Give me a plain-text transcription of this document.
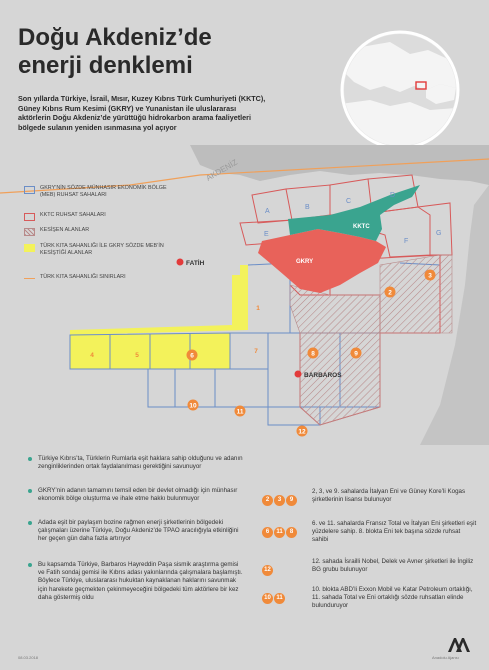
Doğu Akdeniz’de
enerji denklemi

Son yıllarda Türkiye, İsrail, Mısır, Kuzey Kıbrıs Türk Cumhuriyeti (KKTC), Güney Kıbrıs Rum Kesimi (GKRY) ve Yunanistan ile uluslararası aktörlerin Doğu Akdeniz’de yürüttüğü hidrokarbon arama faaliyetleri bölgede sulanın yeniden ısınmasına yol açıyor

AKDENİZ
KKTC
GKRY
A
B
C
D
E
F
G
1
2
3
4	5	6
7	8	9
10
11
12
FATİH
BARBAROS
GKRY’NİN SÖZDE MÜNHASIR EKONOMİK BÖLGE (MEB) RUHSAT SAHALARI
KKTC RUHSAT SAHALARI
KESİŞEN ALANLAR
TÜRK KITA SAHANLIĞI İLE GKRY SÖZDE MEB’İN KESİŞTİĞİ ALANLAR
TÜRK KITA SAHANLIĞI SINIRLARI
Türkiye Kıbrıs’ta, Türklerin Rumlarla eşit haklara sahip olduğunu ve adanın zenginliklerinden ortak faydalanılması gerektiğini savunuyor
GKRY’nin adanın tamamını temsil eden bir devlet olmadığı için münhasır ekonomik bölge oluşturma ve ihale etme hakkı bulunmuyor
Adada eşit bir paylaşım bozine rağmen enerji şirketlerinin bölgedeki çalışmaları üzerine Türkiye, Doğu Akdeniz’de TPAO aracılığıyla etkinliğini her geçen gün daha fazla artırıyor
Bu kapsamda Türkiye, Barbaros Hayreddin Paşa sismik araştırma gemisi ve Fatih sondaj gemisi ile Kıbrıs adası yakınlarında çalışmalara başlamıştı. Böylece Türkiye, uluslararası hukuktan kaynaklanan haklarını savunmak için harekete geçmekten çekinmeyeceğini bölgedeki tüm aktörlere bir kez daha göstermiş oldu
2 3 9
2, 3, ve 9. sahalarda İtalyan Eni ve Güney Kore’li Kogas şirketlerinin lisansı bulunuyor
6 11 8
6. ve 11. sahalarda Fransız Total ve İtalyan Eni şirketleri eşit yüzdelere sahip. 8. blokta Eni tek başına sözde ruhsat sahibi
12
12. sahada İsrailli Nobel, Delek ve Avner şirketleri ile İngiliz BG grubu bulunuyor
10 11
10. blokta ABD’li Exxon Mobil ve Katar Petroleum ortaklığı, 11. sahada Total ve Eni ortaklığı sözde ruhsatları elinde bulunduruyor
08.03.2018	Anadolu Ajansı
